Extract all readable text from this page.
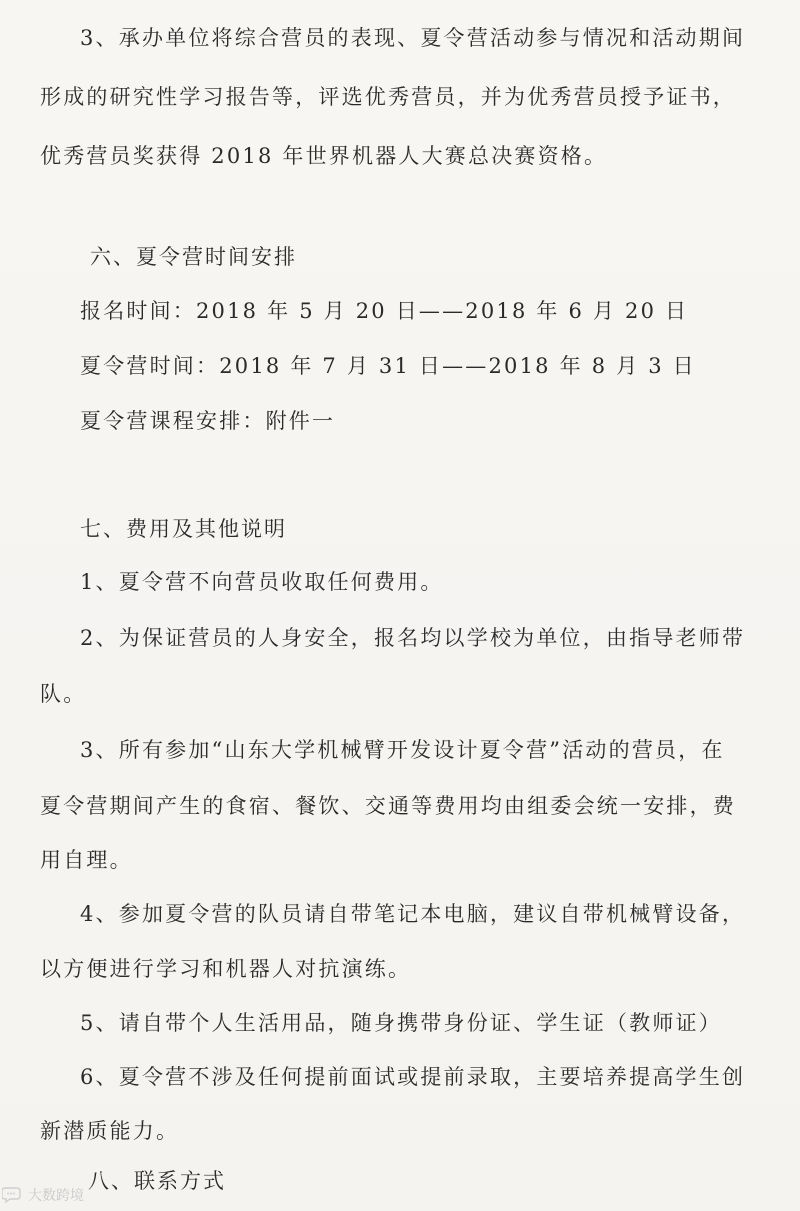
3、承办单位将综合营员的表现、夏令营活动参与情况和活动期间
形成的研究性学习报告等，评选优秀营员，并为优秀营员授予证书，
优秀营员奖获得 2018 年世界机器人大赛总决赛资格。
六、夏令营时间安排
报名时间：2018 年 5 月 20 日——2018 年 6 月 20 日
夏令营时间：2018 年 7 月 31 日——2018 年 8 月 3 日
夏令营课程安排：附件一
七、费用及其他说明
1、夏令营不向营员收取任何费用。
2、为保证营员的人身安全，报名均以学校为单位，由指导老师带
队。
3、所有参加“山东大学机械臂开发设计夏令营”活动的营员，在
夏令营期间产生的食宿、餐饮、交通等费用均由组委会统一安排，费
用自理。
4、参加夏令营的队员请自带笔记本电脑，建议自带机械臂设备，
以方便进行学习和机器人对抗演练。
5、请自带个人生活用品，随身携带身份证、学生证（教师证）
6、夏令营不涉及任何提前面试或提前录取，主要培养提高学生创
新潜质能力。
八、联系方式
大数跨境
